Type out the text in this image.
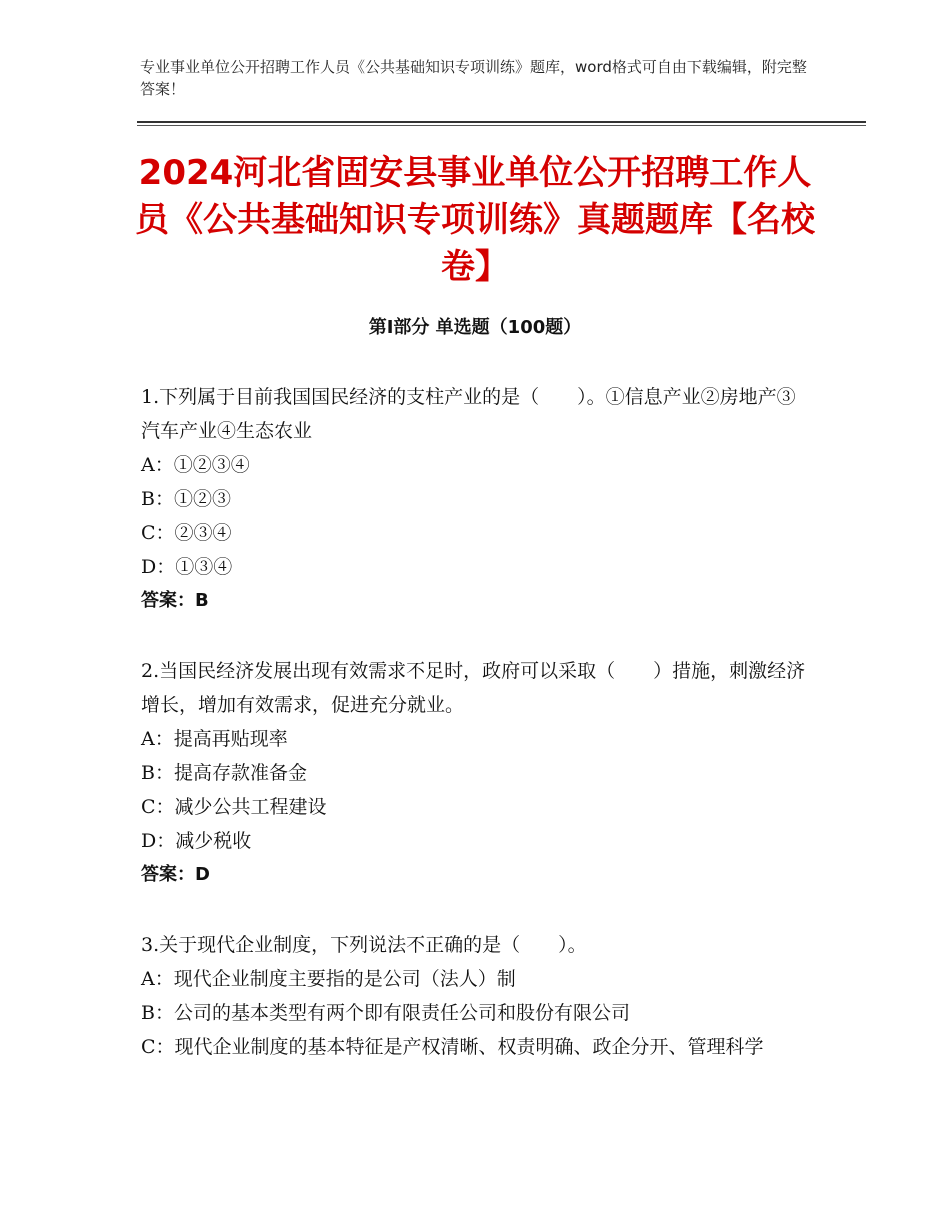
专业事业单位公开招聘工作人员《公共基础知识专项训练》题库，word格式可自由下载编辑，附完整答案！
2024河北省固安县事业单位公开招聘工作人员《公共基础知识专项训练》真题题库【名校卷】
第Ⅰ部分 单选题（100题）

1.下列属于目前我国国民经济的支柱产业的是（　　）。①信息产业②房地产③汽车产业④生态农业

A：①②③④

B：①②③

C：②③④

D：①③④

答案：B

2.当国民经济发展出现有效需求不足时，政府可以采取（　　）措施，刺激经济增长，增加有效需求，促进充分就业。

A：提高再贴现率

B：提高存款准备金

C：减少公共工程建设

D：减少税收

答案：D

3.关于现代企业制度，下列说法不正确的是（　　）。

A：现代企业制度主要指的是公司（法人）制

B：公司的基本类型有两个即有限责任公司和股份有限公司

C：现代企业制度的基本特征是产权清晰、权责明确、政企分开、管理科学
